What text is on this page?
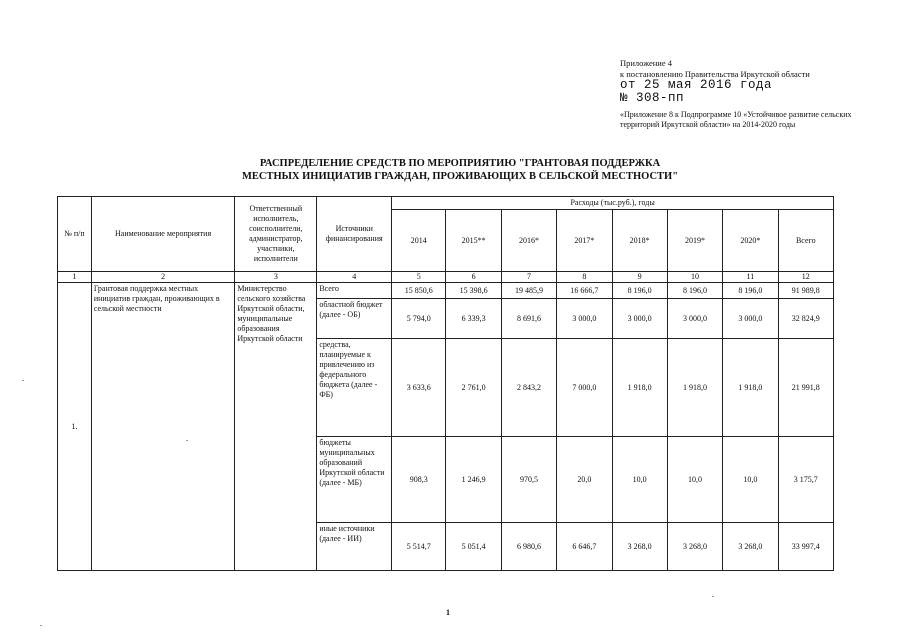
Приложение 4
к постановлению Правительства Иркутской области
от 25 мая 2016 года
№ 308-пп
«Приложение 8 к Подпрограмме 10 «Устойчивое развитие сельских территорий Иркутской области» на 2014-2020 годы
РАСПРЕДЕЛЕНИЕ СРЕДСТВ ПО МЕРОПРИЯТИЮ "ГРАНТОВАЯ ПОДДЕРЖКА
МЕСТНЫХ ИНИЦИАТИВ ГРАЖДАН, ПРОЖИВАЮЩИХ В СЕЛЬСКОЙ МЕСТНОСТИ"
№ п/п	Наименование мероприятия	Ответственный исполнитель, соисполнители, администратор, участники, исполнители	Источники финансирования	Расходы (тыс.руб.), годы							
				2014	2015**	2016*	2017*	2018*	2019*	2020*	Всего
1	2	3	4	5	6	7	8	9	10	11	12
1.	Грантовая поддержка местных инициатив граждан, проживающих в сельской местности	Министерство сельского хозяйства Иркутской области, муниципальные образования Иркутской области	Всего	15 850,6	15 398,6	19 485,9	16 666,7	8 196,0	8 196,0	8 196,0	91 989,8
			областной бюджет (далее - ОБ)	5 794,0	6 339,3	8 691,6	3 000,0	3 000,0	3 000,0	3 000,0	32 824,9
			средства, планируемые к привлечению из федерального бюджета (далее - ФБ)	3 633,6	2 761,0	2 843,2	7 000,0	1 918,0	1 918,0	1 918,0	21 991,8
			бюджеты муниципальных образований Иркутской области (далее - МБ)	908,3	1 246,9	970,5	20,0	10,0	10,0	10,0	3 175,7
			иные источники (далее - ИИ)	5 514,7	5 051,4	6 980,6	6 646,7	3 268,0	3 268,0	3 268,0	33 997,4
1
